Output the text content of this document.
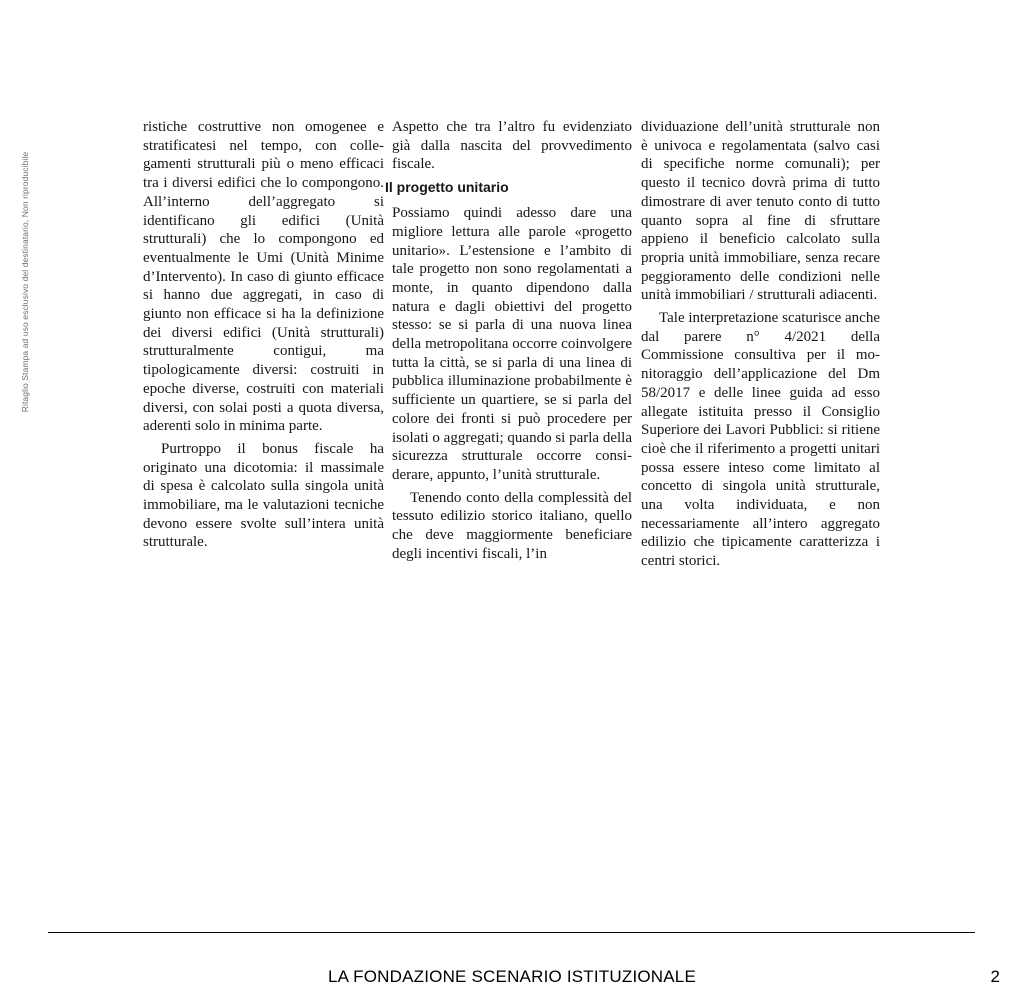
Ritaglio Stampa ad uso esclusivo del destinatario, Non riproducibile

ristiche costruttive non omogenee e stratificatesi nel tempo, con collegamenti strutturali più o meno efficaci tra i diversi edifici che lo compongono. All’interno dell’aggregato si identificano gli edifici (Unità strutturali) che lo compongono ed eventualmente le Umi (Unità Minime d’Intervento). In caso di giunto efficace si hanno due aggregati, in caso di giunto non efficace si ha la definizione dei diversi edifici (Unità strutturali) strutturalmente contigui, ma tipologicamente diversi: costruiti in epoche diverse, costruiti con materiali diversi, con solai posti a quota diversa, aderenti solo in minima parte.

Purtroppo il bonus fiscale ha originato una dicotomia: il massimale di spesa è calcolato sulla singola unità immobiliare, ma le valutazioni tecniche devono essere svolte sull’intera unità strutturale.

Aspetto che tra l’altro fu evidenziato già dalla nascita del provvedimento fiscale.

Il progetto unitario

Possiamo quindi adesso dare una migliore lettura alle parole «progetto unitario». L’estensione e l’ambito di tale progetto non sono regolamentati a monte, in quanto dipendono dalla natura e dagli obiettivi del progetto stesso: se si parla di una nuova linea della metropolitana occorre coinvolgere tutta la città, se si parla di una linea di pubblica illuminazione probabilmente è sufficiente un quartiere, se si parla del colore dei fronti si può procedere per isolati o aggregati; quando si parla della sicurezza strutturale occorre considerare, appunto, l’unità strutturale.

Tenendo conto della complessità del tessuto edilizio storico italiano, quello che deve maggiormente beneficiare degli incentivi fiscali, l’in

dividuazione dell’unità strutturale non è univoca e regolamentata (salvo casi di specifiche norme comunali); per questo il tecnico dovrà prima di tutto dimostrare di aver tenuto conto di tutto quanto sopra al fine di sfruttare appieno il beneficio calcolato sulla propria unità immobiliare, senza recare peggioramento delle condizioni nelle unità immobiliari / strutturali adiacenti.

Tale interpretazione scaturisce anche dal parere n° 4/2021 della Commissione consultiva per il monitoraggio dell’applicazione del Dm 58/2017 e delle linee guida ad esso allegate istituita presso il Consiglio Superiore dei Lavori Pubblici: si ritiene cioè che il riferimento a progetti unitari possa essere inteso come limitato al concetto di singola unità strutturale, una volta individuata, e non necessariamente all’intero aggregato edilizio che tipicamente caratterizza i centri storici.

LA FONDAZIONE SCENARIO ISTITUZIONALE	2
